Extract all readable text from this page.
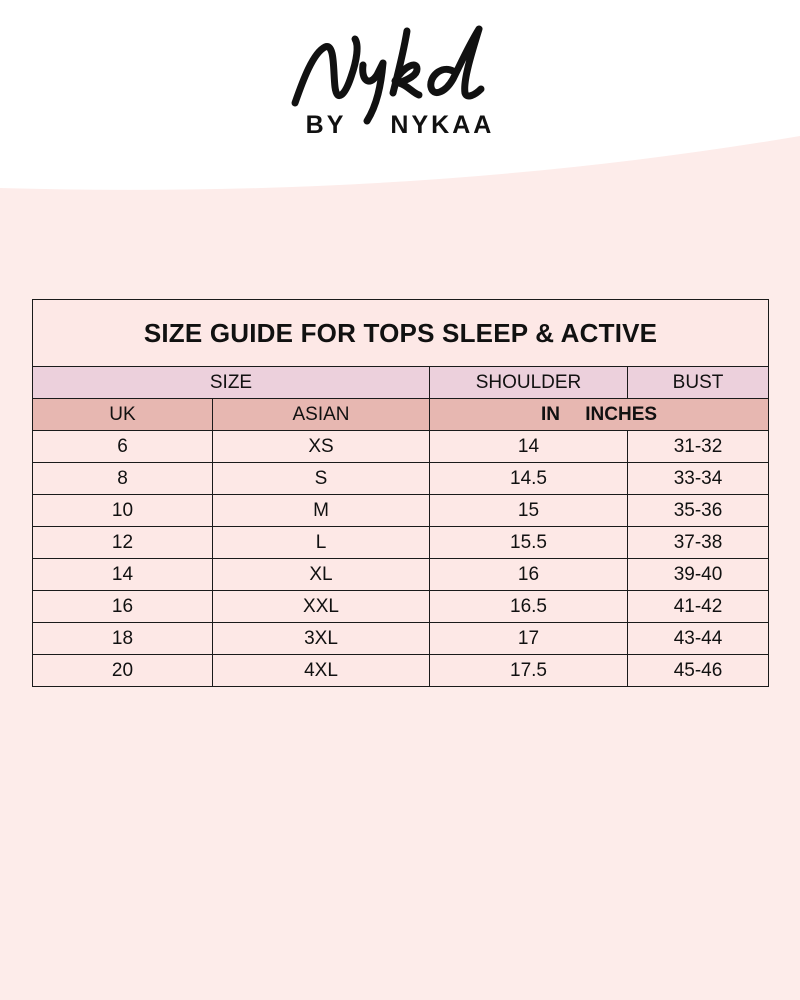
BY NYKAA
SIZE GUIDE FOR TOPS SLEEP & ACTIVE			
SIZE		SHOULDER	BUST
UK	ASIAN	IN INCHES	
6	XS	14	31-32
8	S	14.5	33-34
10	M	15	35-36
12	L	15.5	37-38
14	XL	16	39-40
16	XXL	16.5	41-42
18	3XL	17	43-44
20	4XL	17.5	45-46
